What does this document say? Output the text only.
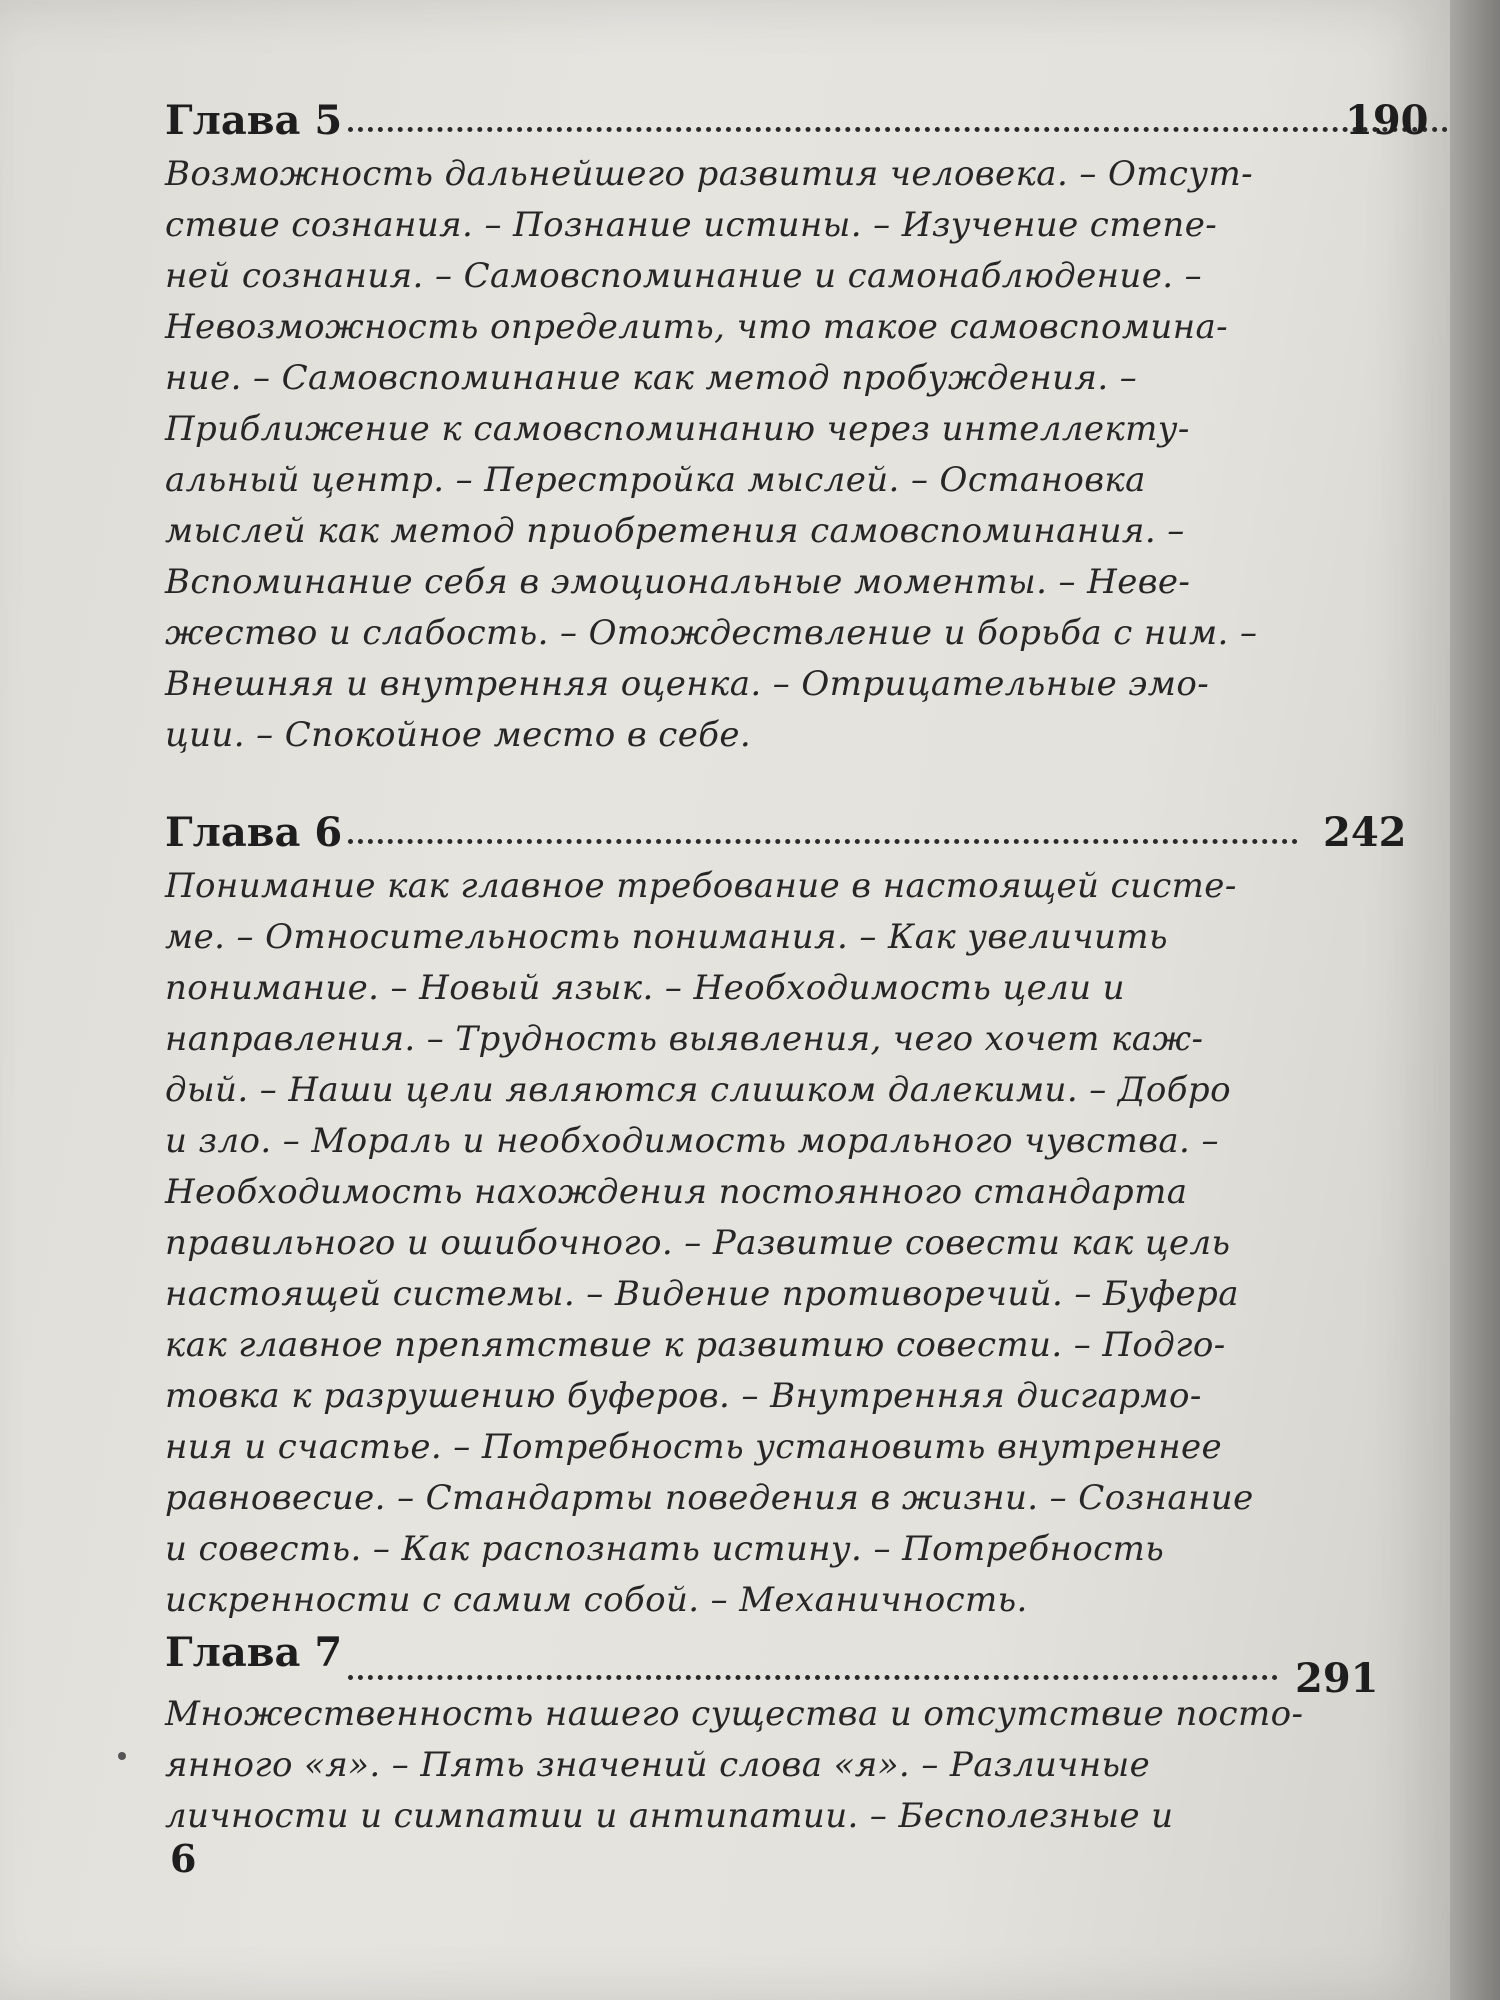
Глава 5	190

Возможность дальнейшего развития человека. – Отсут-
ствие сознания. – Познание истины. – Изучение степе-
ней сознания. – Самовспоминание и самонаблюдение. –
Невозможность определить, что такое самовспомина-
ние. – Самовспоминание как метод пробуждения. –
Приближение к самовспоминанию через интеллекту-
альный центр. – Перестройка мыслей. – Остановка
мыслей как метод приобретения самовспоминания. –
Вспоминание себя в эмоциональные моменты. – Неве-
жество и слабость. – Отождествление и борьба с ним. –
Внешняя и внутренняя оценка. – Отрицательные эмо-
ции. – Спокойное место в себе.

Глава 6	242

Понимание как главное требование в настоящей систе-
ме. – Относительность понимания. – Как увеличить
понимание. – Новый язык. – Необходимость цели и
направления. – Трудность выявления, чего хочет каж-
дый. – Наши цели являются слишком далекими. – Добро
и зло. – Мораль и необходимость морального чувства. –
Необходимость нахождения постоянного стандарта
правильного и ошибочного. – Развитие совести как цель
настоящей системы. – Видение противоречий. – Буфера
как главное препятствие к развитию совести. – Подго-
товка к разрушению буферов. – Внутренняя дисгармо-
ния и счастье. – Потребность установить внутреннее
равновесие. – Стандарты поведения в жизни. – Сознание
и совесть. – Как распознать истину. – Потребность
искренности с самим собой. – Механичность.

Глава 7
291

Множественность нашего существа и отсутствие посто-
янного «я». – Пять значений слова «я». – Различные
личности и симпатии и антипатии. – Бесполезные и

6
